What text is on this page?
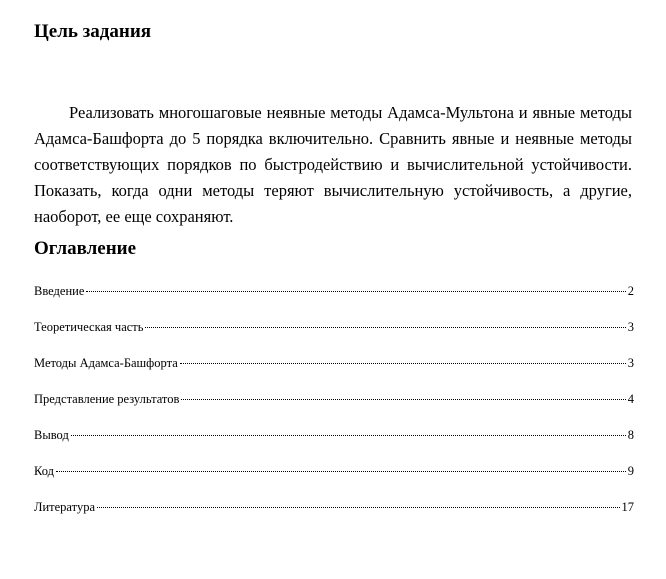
Цель задания

Реализовать многошаговые неявные методы Адамса-Мультона и явные методы Адамса-Башфорта до 5 порядка включительно. Сравнить явные и неявные методы соответствующих порядков по быстродействию и вычислительной устойчивости. Показать, когда одни методы теряют вычислительную устойчивость, а другие, наоборот, ее еще сохраняют.

Оглавление
Введение	2
Теоретическая часть	3
Методы Адамса-Башфорта	3
Представление результатов	4
Вывод	8
Код	9
Литература	17
